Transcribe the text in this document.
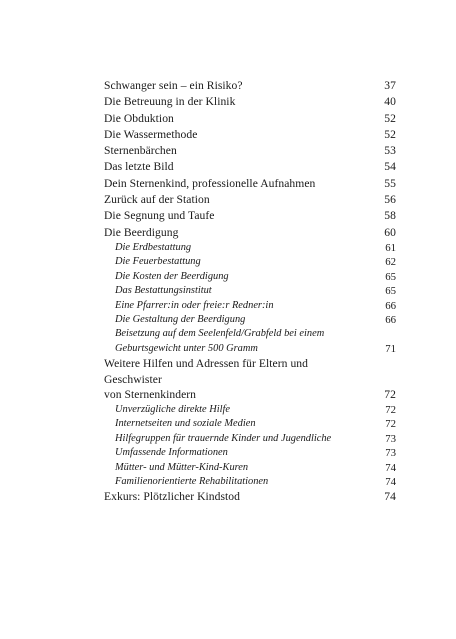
Schwanger sein – ein Risiko?	37
Die Betreuung in der Klinik	40
Die Obduktion	52
Die Wassermethode	52
Sternenbärchen	53
Das letzte Bild	54
Dein Sternenkind, professionelle Aufnahmen	55
Zurück auf der Station	56
Die Segnung und Taufe	58
Die Beerdigung	60
Die Erdbestattung	61
Die Feuerbestattung	62
Die Kosten der Beerdigung	65
Das Bestattungsinstitut	65
Eine Pfarrer:in oder freie:r Redner:in	66
Die Gestaltung der Beerdigung	66
Beisetzung auf dem Seelenfeld/Grabfeld bei einem
Geburtsgewicht unter 500 Gramm	71
Weitere Hilfen und Adressen für Eltern und Geschwister
von Sternenkindern	72
Unverzügliche direkte Hilfe	72
Internetseiten und soziale Medien	72
Hilfegruppen für trauernde Kinder und Jugendliche	73
Umfassende Informationen	73
Mütter- und Mütter-Kind-Kuren	74
Familienorientierte Rehabilitationen	74
Exkurs: Plötzlicher Kindstod	74
